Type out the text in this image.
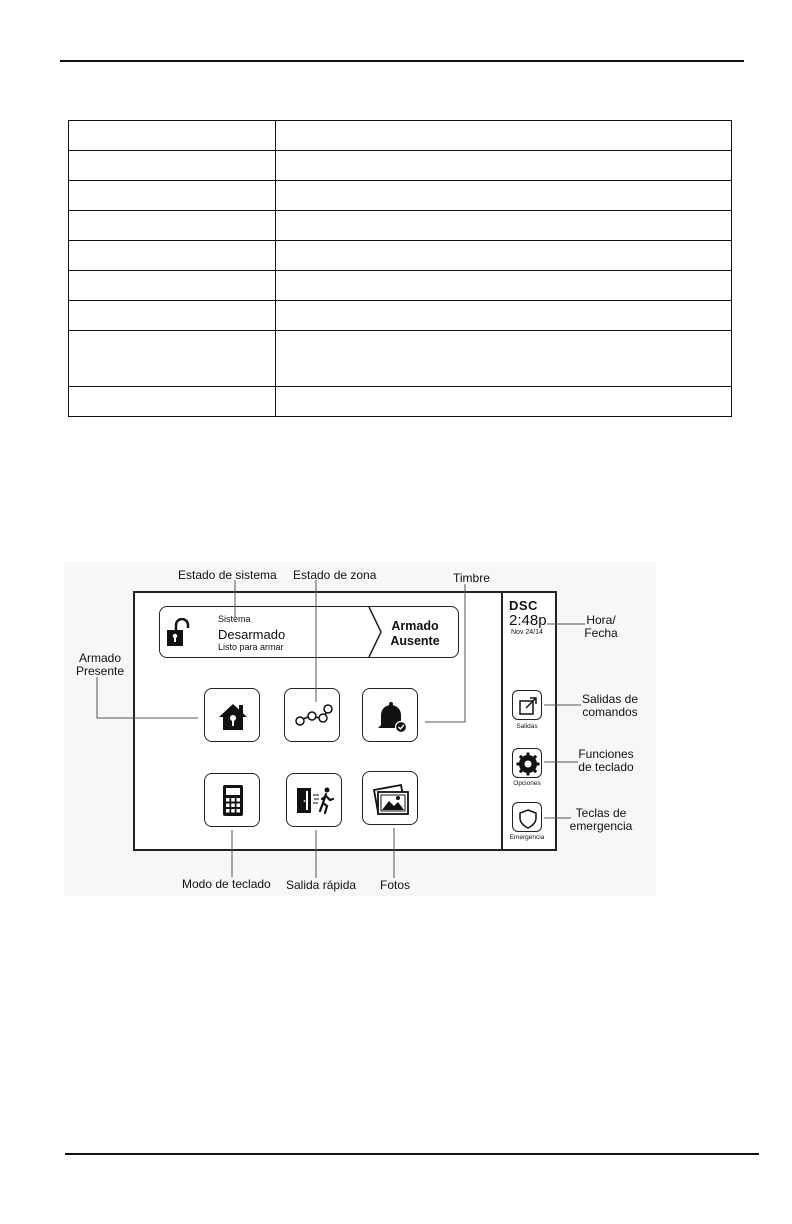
Sistema
Desarmado
Listo para armar
Armado
Ausente
DSC
2:48p
Nov 24/14
Salidas
Opciones
Emergencia
Estado de sistema Estado de zona	Timbre
Armado
Presente
Hora/
Fecha
Salidas de
comandos
Funciones
de teclado
Teclas de
emergencia
Modo de teclado Salida rápida Fotos
